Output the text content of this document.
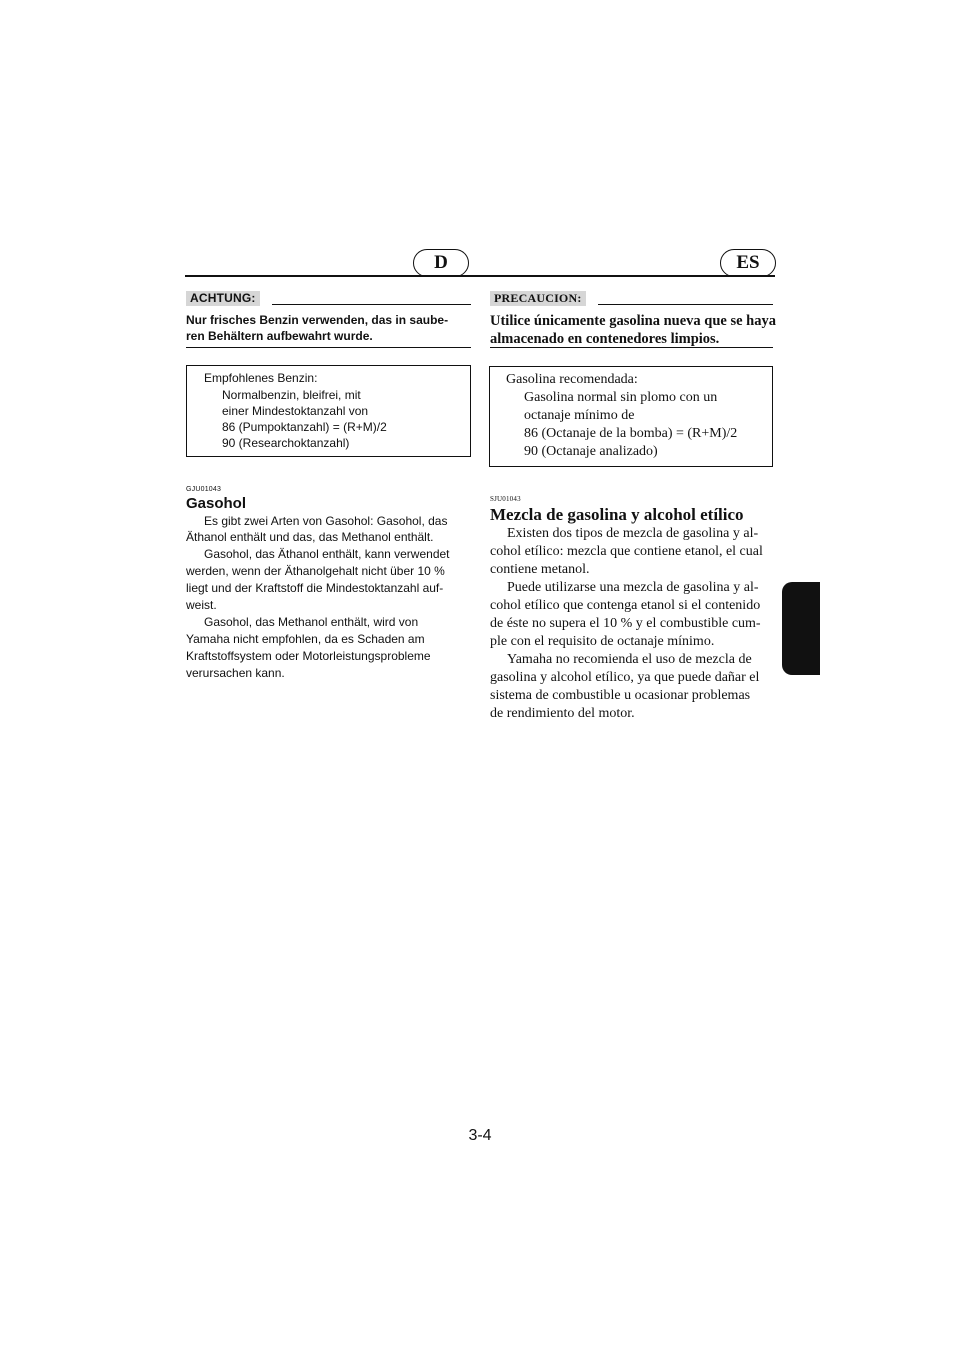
D	ES
ACHTUNG:
Nur frisches Benzin verwenden, das in saube-
ren Behältern aufbewahrt wurde.
Empfohlenes Benzin:
Normalbenzin, bleifrei, mit
einer Mindestoktanzahl von
86 (Pumpoktanzahl) = (R+M)/2
90 (Researchoktanzahl)
GJU01043
Gasohol
Es gibt zwei Arten von Gasohol: Gasohol, das
Äthanol enthält und das, das Methanol enthält.
Gasohol, das Äthanol enthält, kann verwendet
werden, wenn der Äthanolgehalt nicht über 10 %
liegt und der Kraftstoff die Mindestoktanzahl auf-
weist.
Gasohol, das Methanol enthält, wird von
Yamaha nicht empfohlen, da es Schaden am
Kraftstoffsystem oder Motorleistungsprobleme
verursachen kann.
PRECAUCION:
Utilice únicamente gasolina nueva que se haya
almacenado en contenedores limpios.
Gasolina recomendada:
Gasolina normal sin plomo con un
octanaje mínimo de
86 (Octanaje de la bomba) = (R+M)/2
90 (Octanaje analizado)
SJU01043
Mezcla de gasolina y alcohol etílico
Existen dos tipos de mezcla de gasolina y al-
cohol etílico: mezcla que contiene etanol, el cual
contiene metanol.
Puede utilizarse una mezcla de gasolina y al-
cohol etílico que contenga etanol si el contenido
de éste no supera el 10 % y el combustible cum-
ple con el requisito de octanaje mínimo.
Yamaha no recomienda el uso de mezcla de
gasolina y alcohol etílico, ya que puede dañar el
sistema de combustible u ocasionar problemas
de rendimiento del motor.
3-4
